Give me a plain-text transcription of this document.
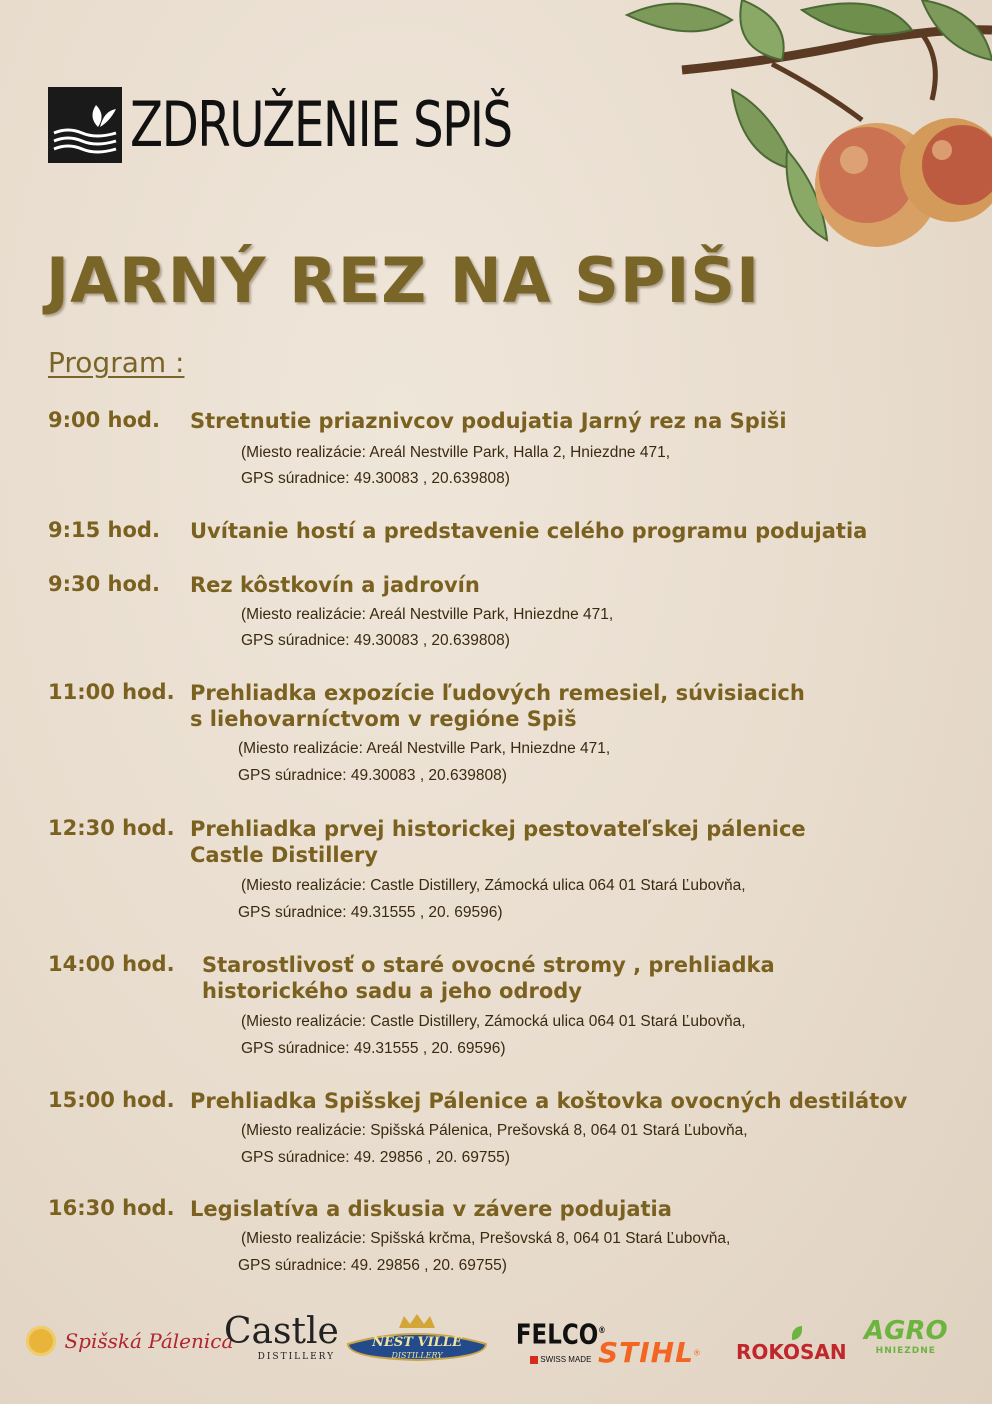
ZDRUŽENIE SPIŠ
JARNÝ REZ NA SPIŠI
Program :
9:00 hod. Stretnutie priaznivcov podujatia Jarný rez na Spiši
(Miesto realizácie: Areál Nestville Park, Halla 2, Hniezdne 471,
GPS súradnice: 49.30083 , 20.639808)
9:15 hod. Uvítanie hostí a predstavenie celého programu podujatia
9:30 hod. Rez kôstkovín a jadrovín
(Miesto realizácie: Areál Nestville Park, Hniezdne 471,
GPS súradnice: 49.30083 , 20.639808)
11:00 hod. Prehliadka expozície ľudových remesiel, súvisiacich
s liehovarníctvom v regióne Spiš
(Miesto realizácie: Areál Nestville Park, Hniezdne 471,
GPS súradnice: 49.30083 , 20.639808)
12:30 hod. Prehliadka prvej historickej pestovateľskej pálenice
Castle Distillery
(Miesto realizácie: Castle Distillery, Zámocká ulica 064 01 Stará Ľubovňa,
GPS súradnice: 49.31555 , 20. 69596)
14:00 hod. Starostlivosť o staré ovocné stromy , prehliadka
historického sadu a jeho odrody
(Miesto realizácie: Castle Distillery, Zámocká ulica 064 01 Stará Ľubovňa,
GPS súradnice: 49.31555 , 20. 69596)
15:00 hod. Prehliadka Spišskej Pálenice a koštovka ovocných destilátov
(Miesto realizácie: Spišská Pálenica, Prešovská 8, 064 01 Stará Ľubovňa,
GPS súradnice: 49. 29856 , 20. 69755)
16:30 hod. Legislatíva a diskusia v závere podujatia
(Miesto realizácie: Spišská krčma, Prešovská 8, 064 01 Stará Ľubovňa,
GPS súradnice: 49. 29856 , 20. 69755)
Spišská Pálenica
Castle
DISTILLERY
NEST VILLE
DISTILLERY
FELCO®
SWISS MADE STIHL® ROKOSAN
AGRO
HNIEZDNE
